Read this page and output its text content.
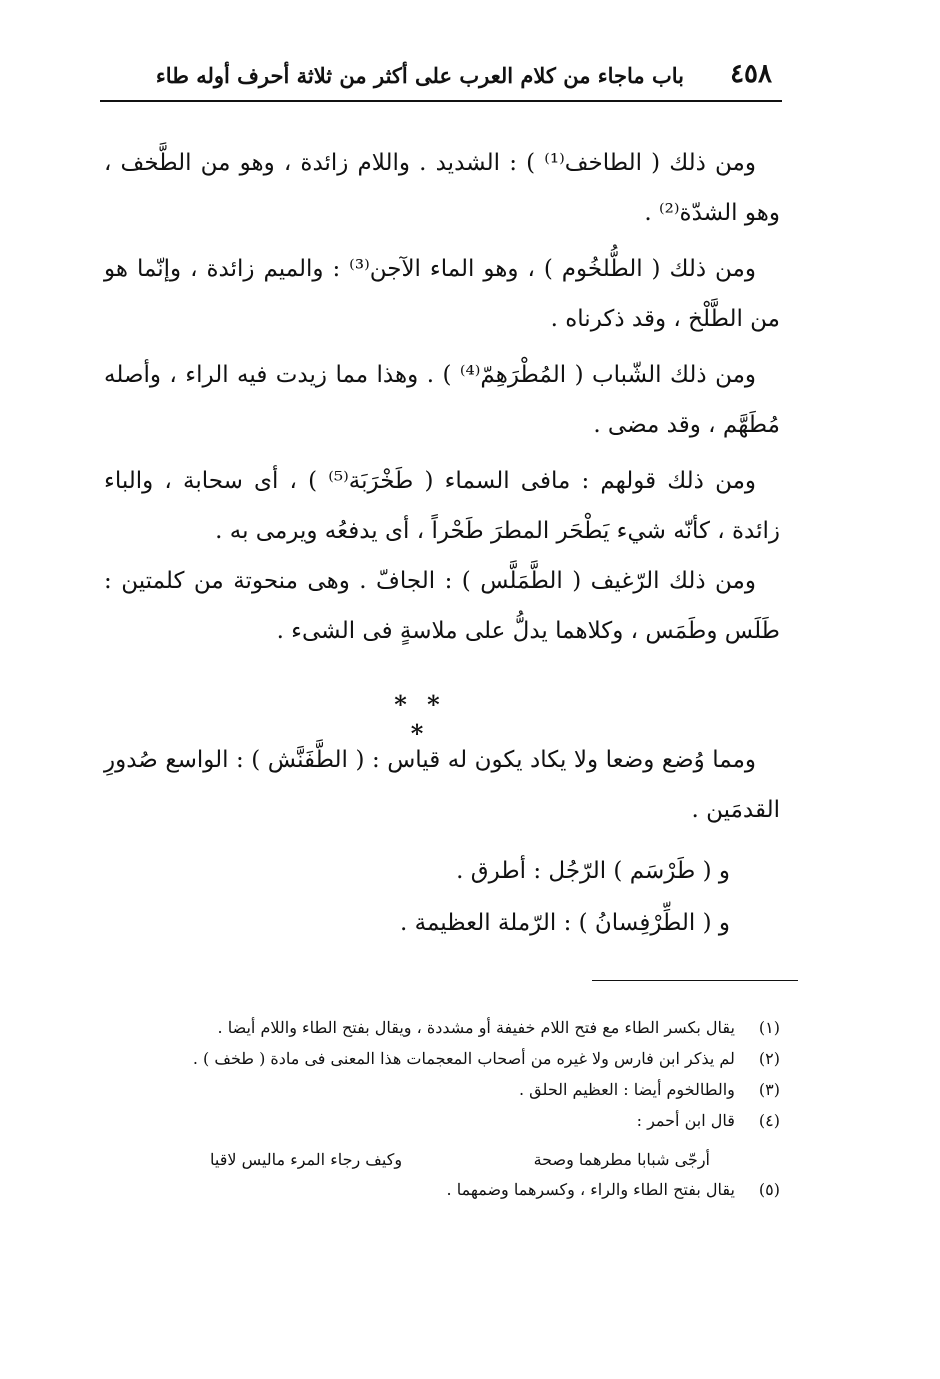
٤٥٨
باب ماجاء من كلام العرب على أكثر من ثلاثة أحرف أوله طاء

ومن ذلك ( الطاخف⁽¹⁾ ) : الشديد . واللام زائدة ، وهو من الطَّخف ، وهو الشدّة⁽²⁾ .

ومن ذلك ( الطُّلخُوم ) ، وهو الماء الآجن⁽³⁾ : والميم زائدة ، وإنّما هو من الطَّلْخ ، وقد ذكرناه .

ومن ذلك الشّباب ( المُطْرَهِمّ⁽⁴⁾ ) . وهذا مما زيدت فيه الراء ، وأصله مُطَهَّم ، وقد مضى .

ومن ذلك قولهم : مافى السماء ( طَخْرَبَة⁽⁵⁾ ) ، أى سحابة ، والباء زائدة ، كأنّه شيء يَطْحَر المطرَ طَحْراً ، أى يدفعُه ويرمى به .

ومن ذلك الرّغيف ( الطَّمَلَّس ) : الجافّ . وهى منحوتة من كلمتين : طَلَس وطَمَس ، وكلاهما يدلُّ على ملاسةٍ فى الشىء .

* * *

ومما وُضع وضعا ولا يكاد يكون له قياس : ( الطَّفَنَّش ) : الواسع صُدورِ القدمَين .

و ( طَرْسَم ) الرّجُل : أطرق .
و ( الطِّرْفِسانُ ) : الرّملة العظيمة .
(١) يقال بكسر الطاء مع فتح اللام خفيفة أو مشددة ، ويقال بفتح الطاء واللام أيضا .
(٢) لم يذكر ابن فارس ولا غيره من أصحاب المعجمات هذا المعنى فى مادة ( طخف ) .
(٣) والطالخوم أيضا : العظيم الحلق .
(٤) قال ابن أحمر :
أرجّى شبابا مطرهما وصحة
وكيف رجاء المرء ماليس لاقيا
(٥) يقال بفتح الطاء والراء ، وكسرهما وضمهما .
